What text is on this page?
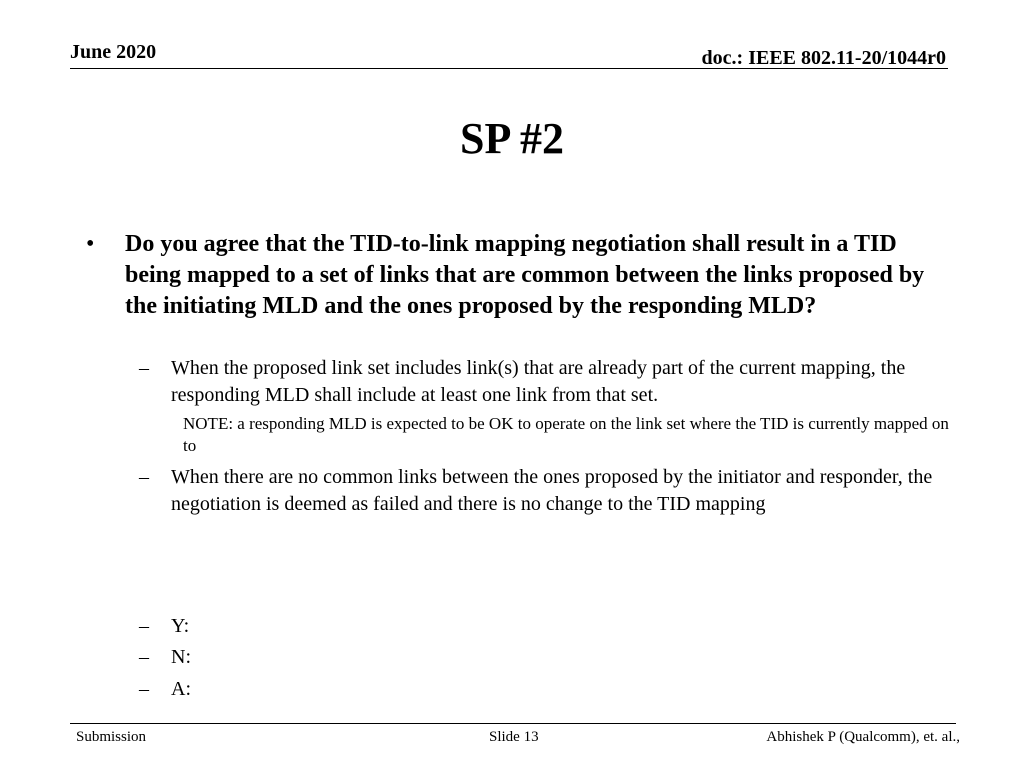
June 2020	doc.: IEEE 802.11-20/1044r0
SP #2
• Do you agree that the TID-to-link mapping negotiation shall result in a TID being mapped to a set of links that are common between the links proposed by the initiating MLD and the ones proposed by the responding MLD?
– When the proposed link set includes link(s) that are already part of the current mapping, the responding MLD shall include at least one link from that set.
NOTE: a responding MLD is expected to be OK to operate on the link set where the TID is currently mapped on to
– When there are no common links between the ones proposed by the initiator and responder, the negotiation is deemed as failed and there is no change to the TID mapping
– Y:
– N:
– A:
Submission	Slide 13	Abhishek P (Qualcomm), et. al.,
